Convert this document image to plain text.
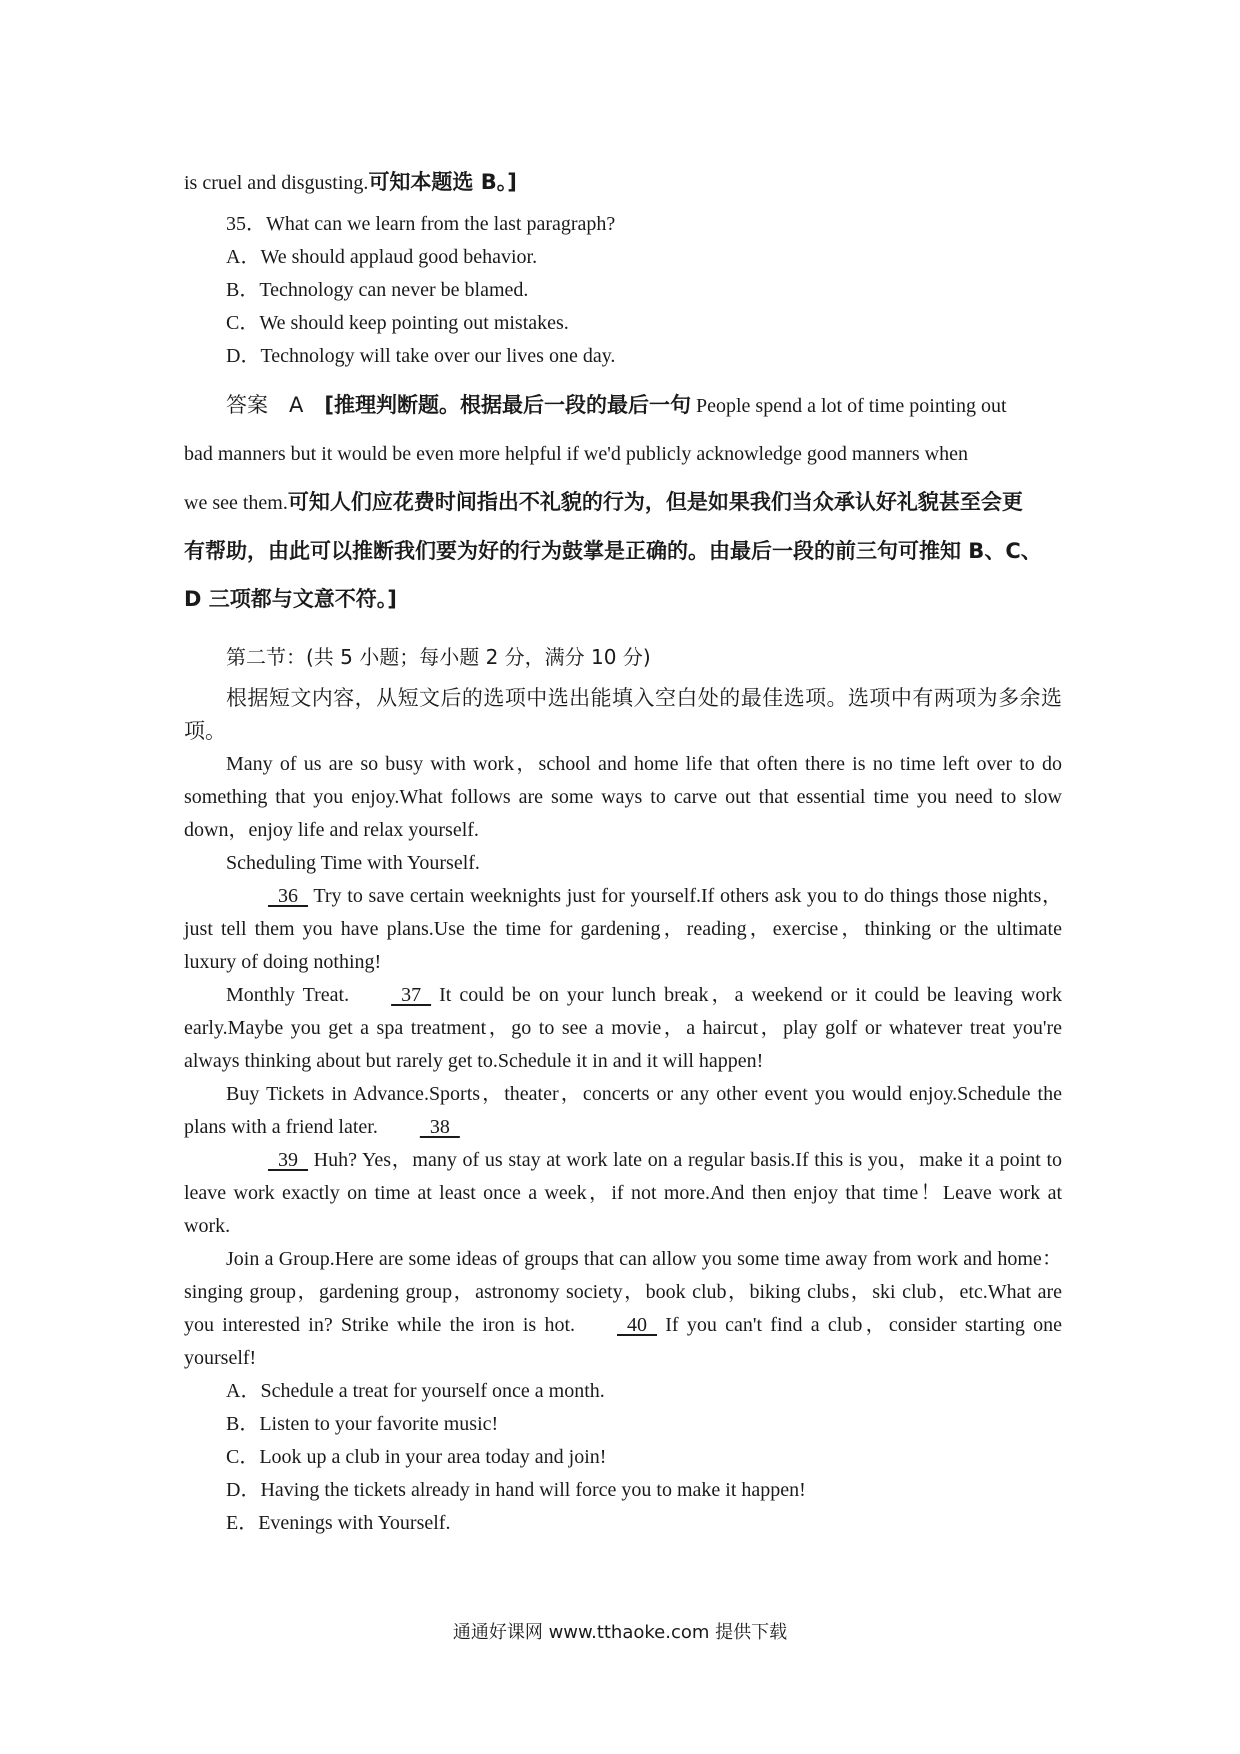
is cruel and disgusting.可知本题选 B。]
35．What can we learn from the last paragraph?
A．We should applaud good behavior.
B．Technology can never be blamed.
C．We should keep pointing out mistakes.
D．Technology will take over our lives one day.
答案　A　[推理判断题。根据最后一段的最后一句 People spend a lot of time pointing out
bad manners but it would be even more helpful if we'd publicly acknowledge good manners when
we see them.可知人们应花费时间指出不礼貌的行为，但是如果我们当众承认好礼貌甚至会更
有帮助，由此可以推断我们要为好的行为鼓掌是正确的。由最后一段的前三句可推知 B、C、
D 三项都与文意不符。]
第二节：(共 5 小题；每小题 2 分，满分 10 分)
根据短文内容，从短文后的选项中选出能填入空白处的最佳选项。选项中有两项为多余选项。
Many of us are so busy with work，school and home life that often there is no time left over to do something that you enjoy.What follows are some ways to carve out that essential time you need to slow down，enjoy life and relax yourself.
Scheduling Time with Yourself.
36   Try to save certain weeknights just for yourself.If others ask you to do things those nights，just tell them you have plans.Use the time for gardening，reading，exercise，thinking or the ultimate luxury of doing nothing!
Monthly Treat.  37   It could be on your lunch break，a weekend or it could be leaving work early.Maybe you get a spa treatment，go to see a movie，a haircut，play golf or whatever treat you're always thinking about but rarely get to.Schedule it in and it will happen!
Buy Tickets in Advance.Sports，theater，concerts or any other event you would enjoy.Schedule the plans with a friend later.  38
39   Huh? Yes，many of us stay at work late on a regular basis.If this is you，make it a point to leave work exactly on time at least once a week，if not more.And then enjoy that time！Leave work at work.
Join a Group.Here are some ideas of groups that can allow you some time away from work and home：singing group，gardening group，astronomy society，book club，biking clubs，ski club，etc.What are you interested in? Strike while the iron is hot.  40   If you can't find a club，consider starting one yourself!
A．Schedule a treat for yourself once a month.
B．Listen to your favorite music!
C．Look up a club in your area today and join!
D．Having the tickets already in hand will force you to make it happen!
E．Evenings with Yourself.
通通好课网 www.tthaoke.com 提供下载
